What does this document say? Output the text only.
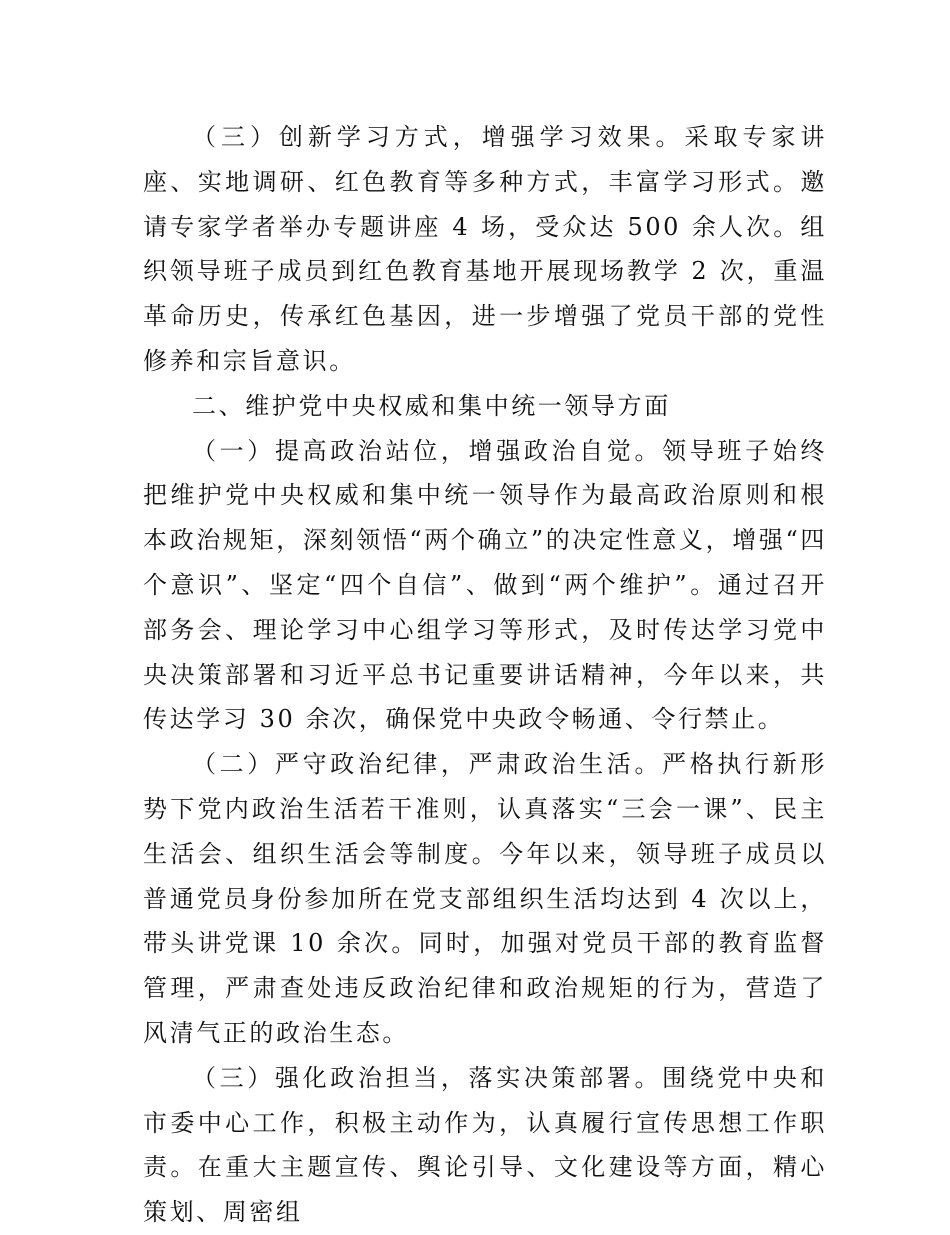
（三）创新学习方式，增强学习效果。采取专家讲座、实地调研、红色教育等多种方式，丰富学习形式。邀请专家学者举办专题讲座 4 场，受众达 500 余人次。组织领导班子成员到红色教育基地开展现场教学 2 次，重温革命历史，传承红色基因，进一步增强了党员干部的党性修养和宗旨意识。

二、维护党中央权威和集中统一领导方面

（一）提高政治站位，增强政治自觉。领导班子始终把维护党中央权威和集中统一领导作为最高政治原则和根本政治规矩，深刻领悟“两个确立”的决定性意义，增强“四个意识”、坚定“四个自信”、做到“两个维护”。通过召开部务会、理论学习中心组学习等形式，及时传达学习党中央决策部署和习近平总书记重要讲话精神，今年以来，共传达学习 30 余次，确保党中央政令畅通、令行禁止。

（二）严守政治纪律，严肃政治生活。严格执行新形势下党内政治生活若干准则，认真落实“三会一课”、民主生活会、组织生活会等制度。今年以来，领导班子成员以普通党员身份参加所在党支部组织生活均达到 4 次以上，带头讲党课 10 余次。同时，加强对党员干部的教育监督管理，严肃查处违反政治纪律和政治规矩的行为，营造了风清气正的政治生态。

（三）强化政治担当，落实决策部署。围绕党中央和市委中心工作，积极主动作为，认真履行宣传思想工作职责。在重大主题宣传、舆论引导、文化建设等方面，精心策划、周密组
